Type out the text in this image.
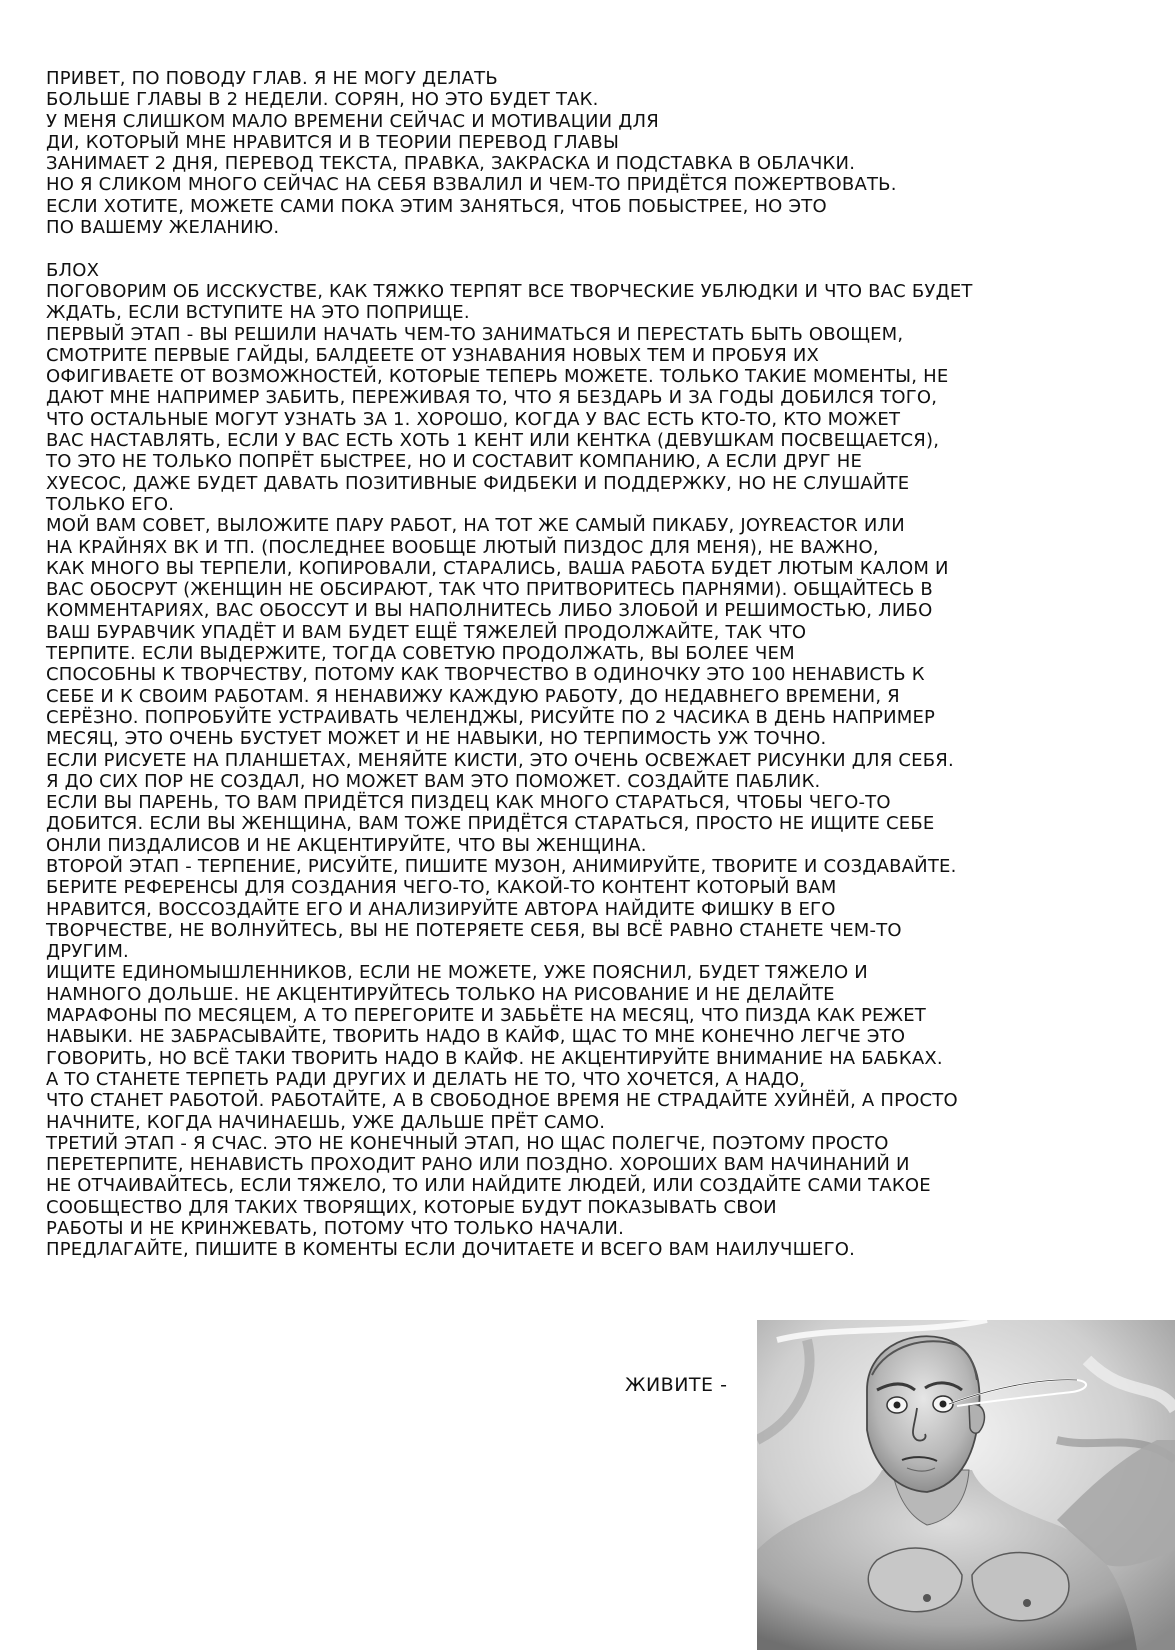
ПРИВЕТ, ПО ПОВОДУ ГЛАВ. Я НЕ МОГУ ДЕЛАТЬ
БОЛЬШЕ ГЛАВЫ В 2 НЕДЕЛИ. СОРЯН, НО ЭТО БУДЕТ ТАК.
У МЕНЯ СЛИШКОМ МАЛО ВРЕМЕНИ СЕЙЧАС И МОТИВАЦИИ ДЛЯ
ДИ, КОТОРЫЙ МНЕ НРАВИТСЯ И В ТЕОРИИ ПЕРЕВОД ГЛАВЫ
ЗАНИМАЕТ 2 ДНЯ, ПЕРЕВОД ТЕКСТА, ПРАВКА, ЗАКРАСКА И ПОДСТАВКА В ОБЛАЧКИ.
НО Я СЛИКОМ МНОГО СЕЙЧАС НА СЕБЯ ВЗВАЛИЛ И ЧЕМ-ТО ПРИДЁТСЯ ПОЖЕРТВОВАТЬ.
ЕСЛИ ХОТИТЕ, МОЖЕТЕ САМИ ПОКА ЭТИМ ЗАНЯТЬСЯ, ЧТОБ ПОБЫСТРЕЕ, НО ЭТО
ПО ВАШЕМУ ЖЕЛАНИЮ.
БЛОХ
ПОГОВОРИМ ОБ ИССКУСТВЕ, КАК ТЯЖКО ТЕРПЯТ ВСЕ ТВОРЧЕСКИЕ УБЛЮДКИ И ЧТО ВАС БУДЕТ
ЖДАТЬ, ЕСЛИ ВСТУПИТЕ НА ЭТО ПОПРИЩЕ.
ПЕРВЫЙ ЭТАП - ВЫ РЕШИЛИ НАЧАТЬ ЧЕМ-ТО ЗАНИМАТЬСЯ И ПЕРЕСТАТЬ БЫТЬ ОВОЩЕМ,
СМОТРИТЕ ПЕРВЫЕ ГАЙДЫ, БАЛДЕЕТЕ ОТ УЗНАВАНИЯ НОВЫХ ТЕМ И ПРОБУЯ ИХ
ОФИГИВАЕТЕ ОТ ВОЗМОЖНОСТЕЙ, КОТОРЫЕ ТЕПЕРЬ МОЖЕТЕ. ТОЛЬКО ТАКИЕ МОМЕНТЫ, НЕ
ДАЮТ МНЕ НАПРИМЕР ЗАБИТЬ, ПЕРЕЖИВАЯ ТО, ЧТО Я БЕЗДАРЬ И ЗА ГОДЫ ДОБИЛСЯ ТОГО,
ЧТО ОСТАЛЬНЫЕ МОГУТ УЗНАТЬ ЗА 1. ХОРОШО, КОГДА У ВАС ЕСТЬ КТО-ТО, КТО МОЖЕТ
ВАС НАСТАВЛЯТЬ, ЕСЛИ У ВАС ЕСТЬ ХОТЬ 1 КЕНТ ИЛИ КЕНТКА (ДЕВУШКАМ ПОСВЕЩАЕТСЯ),
ТО ЭТО НЕ ТОЛЬКО ПОПРЁТ БЫСТРЕЕ, НО И СОСТАВИТ КОМПАНИЮ, А ЕСЛИ ДРУГ НЕ
ХУЕСОС, ДАЖЕ БУДЕТ ДАВАТЬ ПОЗИТИВНЫЕ ФИДБЕКИ И ПОДДЕРЖКУ, НО НЕ СЛУШАЙТЕ
ТОЛЬКО ЕГО.
МОЙ ВАМ СОВЕТ, ВЫЛОЖИТЕ ПАРУ РАБОТ, НА ТОТ ЖЕ САМЫЙ ПИКАБУ, JOYREACTOR ИЛИ
НА КРАЙНЯХ ВК И ТП. (ПОСЛЕДНЕЕ ВООБЩЕ ЛЮТЫЙ ПИЗДОС ДЛЯ МЕНЯ), НЕ ВАЖНО,
КАК МНОГО ВЫ ТЕРПЕЛИ, КОПИРОВАЛИ, СТАРАЛИСЬ, ВАША РАБОТА БУДЕТ ЛЮТЫМ КАЛОМ И
ВАС ОБОСРУТ (ЖЕНЩИН НЕ ОБСИРАЮТ, ТАК ЧТО ПРИТВОРИТЕСЬ ПАРНЯМИ). ОБЩАЙТЕСЬ В
КОММЕНТАРИЯХ, ВАС ОБОССУТ И ВЫ НАПОЛНИТЕСЬ ЛИБО ЗЛОБОЙ И РЕШИМОСТЬЮ, ЛИБО
ВАШ БУРАВЧИК УПАДЁТ И ВАМ БУДЕТ ЕЩЁ ТЯЖЕЛЕЙ ПРОДОЛЖАЙТЕ, ТАК ЧТО
ТЕРПИТЕ. ЕСЛИ ВЫДЕРЖИТЕ, ТОГДА СОВЕТУЮ ПРОДОЛЖАТЬ, ВЫ БОЛЕЕ ЧЕМ
СПОСОБНЫ К ТВОРЧЕСТВУ, ПОТОМУ КАК ТВОРЧЕСТВО В ОДИНОЧКУ ЭТО 100 НЕНАВИСТЬ К
СЕБЕ И К СВОИМ РАБОТАМ. Я НЕНАВИЖУ КАЖДУЮ РАБОТУ, ДО НЕДАВНЕГО ВРЕМЕНИ, Я
СЕРЁЗНО. ПОПРОБУЙТЕ УСТРАИВАТЬ ЧЕЛЕНДЖЫ, РИСУЙТЕ ПО 2 ЧАСИКА В ДЕНЬ НАПРИМЕР
МЕСЯЦ, ЭТО ОЧЕНЬ БУСТУЕТ МОЖЕТ И НЕ НАВЫКИ, НО ТЕРПИМОСТЬ УЖ ТОЧНО.
ЕСЛИ РИСУЕТЕ НА ПЛАНШЕТАХ, МЕНЯЙТЕ КИСТИ, ЭТО ОЧЕНЬ ОСВЕЖАЕТ РИСУНКИ ДЛЯ СЕБЯ.
Я ДО СИХ ПОР НЕ СОЗДАЛ, НО МОЖЕТ ВАМ ЭТО ПОМОЖЕТ. СОЗДАЙТЕ ПАБЛИК.
ЕСЛИ ВЫ ПАРЕНЬ, ТО ВАМ ПРИДЁТСЯ ПИЗДЕЦ КАК МНОГО СТАРАТЬСЯ, ЧТОБЫ ЧЕГО-ТО
ДОБИТСЯ. ЕСЛИ ВЫ ЖЕНЩИНА, ВАМ ТОЖЕ ПРИДЁТСЯ СТАРАТЬСЯ, ПРОСТО НЕ ИЩИТЕ СЕБЕ
ОНЛИ ПИЗДАЛИСОВ И НЕ АКЦЕНТИРУЙТЕ, ЧТО ВЫ ЖЕНЩИНА.
ВТОРОЙ ЭТАП - ТЕРПЕНИЕ, РИСУЙТЕ, ПИШИТЕ МУЗОН, АНИМИРУЙТЕ, ТВОРИТЕ И СОЗДАВАЙТЕ.
БЕРИТЕ РЕФЕРЕНСЫ ДЛЯ СОЗДАНИЯ ЧЕГО-ТО, КАКОЙ-ТО КОНТЕНТ КОТОРЫЙ ВАМ
НРАВИТСЯ, ВОССОЗДАЙТЕ ЕГО И АНАЛИЗИРУЙТЕ АВТОРА НАЙДИТЕ ФИШКУ В ЕГО
ТВОРЧЕСТВЕ, НЕ ВОЛНУЙТЕСЬ, ВЫ НЕ ПОТЕРЯЕТЕ СЕБЯ, ВЫ ВСЁ РАВНО СТАНЕТЕ ЧЕМ-ТО
ДРУГИМ.
ИЩИТЕ ЕДИНОМЫШЛЕННИКОВ, ЕСЛИ НЕ МОЖЕТЕ, УЖЕ ПОЯСНИЛ, БУДЕТ ТЯЖЕЛО И
НАМНОГО ДОЛЬШЕ. НЕ АКЦЕНТИРУЙТЕСЬ ТОЛЬКО НА РИСОВАНИЕ И НЕ ДЕЛАЙТЕ
МАРАФОНЫ ПО МЕСЯЦЕМ, А ТО ПЕРЕГОРИТЕ И ЗАБЬЁТЕ НА МЕСЯЦ, ЧТО ПИЗДА КАК РЕЖЕТ
НАВЫКИ. НЕ ЗАБРАСЫВАЙТЕ, ТВОРИТЬ НАДО В КАЙФ, ЩАС ТО МНЕ КОНЕЧНО ЛЕГЧЕ ЭТО
ГОВОРИТЬ, НО ВСЁ ТАКИ ТВОРИТЬ НАДО В КАЙФ. НЕ АКЦЕНТИРУЙТЕ ВНИМАНИЕ НА БАБКАХ.
А ТО СТАНЕТЕ ТЕРПЕТЬ РАДИ ДРУГИХ И ДЕЛАТЬ НЕ ТО, ЧТО ХОЧЕТСЯ, А НАДО,
ЧТО СТАНЕТ РАБОТОЙ. РАБОТАЙТЕ, А В СВОБОДНОЕ ВРЕМЯ НЕ СТРАДАЙТЕ ХУЙНЁЙ, А ПРОСТО
НАЧНИТЕ, КОГДА НАЧИНАЕШЬ, УЖЕ ДАЛЬШЕ ПРЁТ САМО.
ТРЕТИЙ ЭТАП - Я СЧАС. ЭТО НЕ КОНЕЧНЫЙ ЭТАП, НО ЩАС ПОЛЕГЧЕ, ПОЭТОМУ ПРОСТО
ПЕРЕТЕРПИТЕ, НЕНАВИСТЬ ПРОХОДИТ РАНО ИЛИ ПОЗДНО. ХОРОШИХ ВАМ НАЧИНАНИЙ И
НЕ ОТЧАИВАЙТЕСЬ, ЕСЛИ ТЯЖЕЛО, ТО ИЛИ НАЙДИТЕ ЛЮДЕЙ, ИЛИ СОЗДАЙТЕ САМИ ТАКОЕ
СООБЩЕСТВО ДЛЯ ТАКИХ ТВОРЯЩИХ, КОТОРЫЕ БУДУТ ПОКАЗЫВАТЬ СВОИ
РАБОТЫ И НЕ КРИНЖЕВАТЬ, ПОТОМУ ЧТО ТОЛЬКО НАЧАЛИ.
ПРЕДЛАГАЙТЕ, ПИШИТЕ В КОМЕНТЫ ЕСЛИ ДОЧИТАЕТЕ И ВСЕГО ВАМ НАИЛУЧШЕГО.
ЖИВИТЕ -
